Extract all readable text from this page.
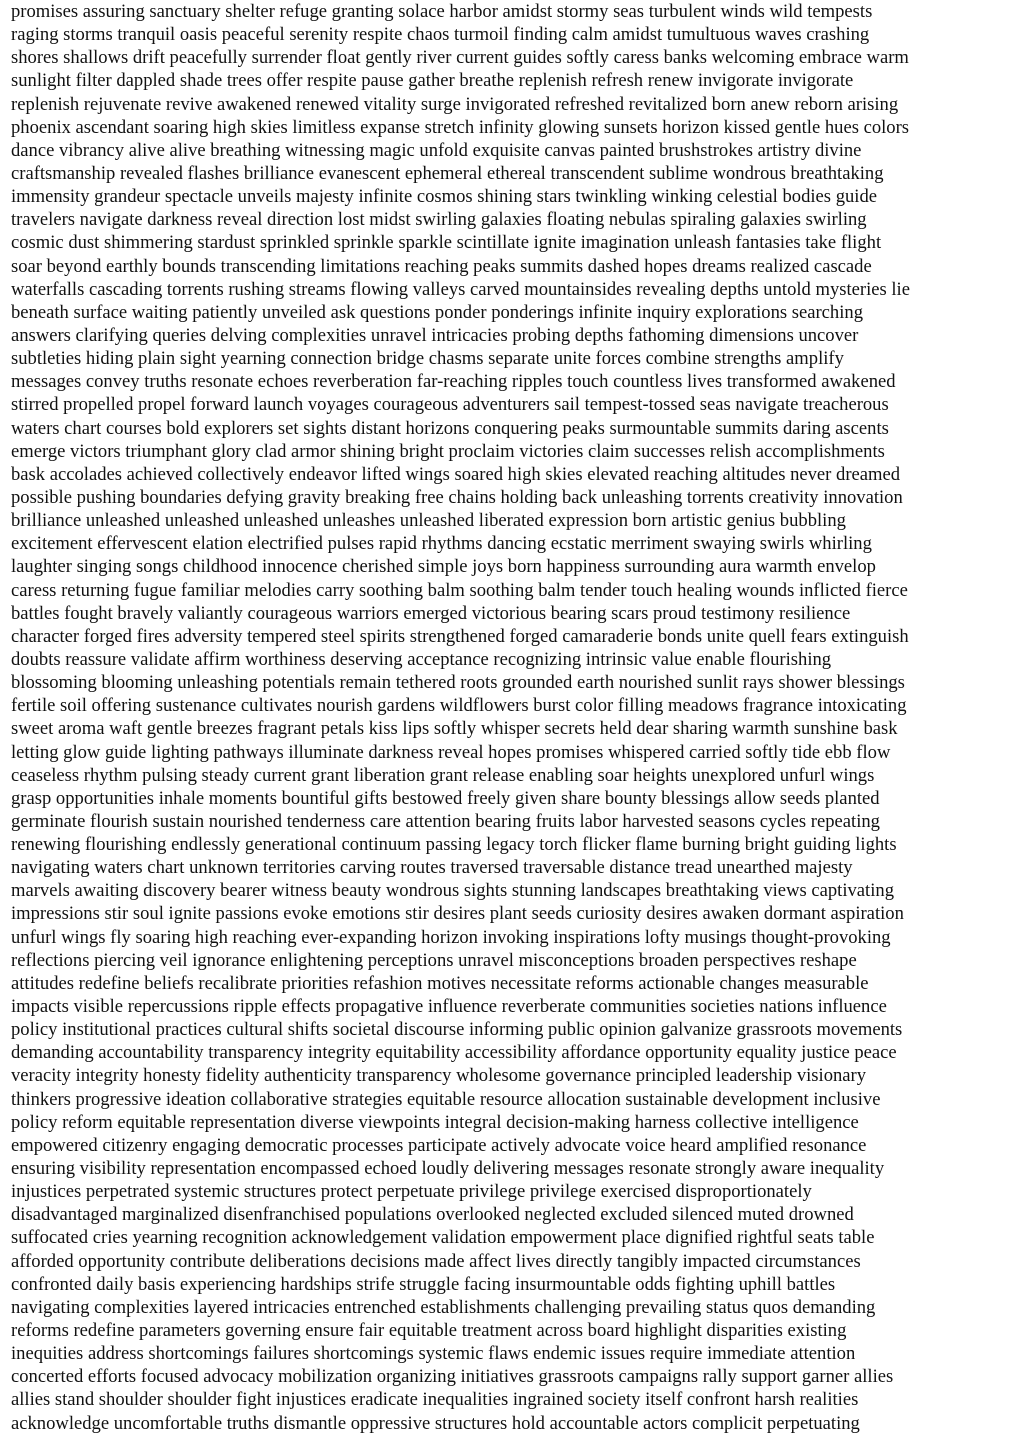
promises assuring sanctuary shelter refuge granting solace harbor amidst stormy seas turbulent winds wild tempests
raging storms tranquil oasis peaceful serenity respite chaos turmoil finding calm amidst tumultuous waves crashing
shores shallows drift peacefully surrender float gently river current guides softly caress banks welcoming embrace warm
sunlight filter dappled shade trees offer respite pause gather breathe replenish refresh renew invigorate invigorate
replenish rejuvenate revive awakened renewed vitality surge invigorated refreshed revitalized born anew reborn arising
phoenix ascendant soaring high skies limitless expanse stretch infinity glowing sunsets horizon kissed gentle hues colors
dance vibrancy alive alive breathing witnessing magic unfold exquisite canvas painted brushstrokes artistry divine
craftsmanship revealed flashes brilliance evanescent ephemeral ethereal transcendent sublime wondrous breathtaking
immensity grandeur spectacle unveils majesty infinite cosmos shining stars twinkling winking celestial bodies guide
travelers navigate darkness reveal direction lost midst swirling galaxies floating nebulas spiraling galaxies swirling
cosmic dust shimmering stardust sprinkled sprinkle sparkle scintillate ignite imagination unleash fantasies take flight
soar beyond earthly bounds transcending limitations reaching peaks summits dashed hopes dreams realized cascade
waterfalls cascading torrents rushing streams flowing valleys carved mountainsides revealing depths untold mysteries lie
beneath surface waiting patiently unveiled ask questions ponder ponderings infinite inquiry explorations searching
answers clarifying queries delving complexities unravel intricacies probing depths fathoming dimensions uncover
subtleties hiding plain sight yearning connection bridge chasms separate unite forces combine strengths amplify
messages convey truths resonate echoes reverberation far-reaching ripples touch countless lives transformed awakened
stirred propelled propel forward launch voyages courageous adventurers sail tempest-tossed seas navigate treacherous
waters chart courses bold explorers set sights distant horizons conquering peaks surmountable summits daring ascents
emerge victors triumphant glory clad armor shining bright proclaim victories claim successes relish accomplishments
bask accolades achieved collectively endeavor lifted wings soared high skies elevated reaching altitudes never dreamed
possible pushing boundaries defying gravity breaking free chains holding back unleashing torrents creativity innovation
brilliance unleashed unleashed unleashed unleashes unleashed liberated expression born artistic genius bubbling
excitement effervescent elation electrified pulses rapid rhythms dancing ecstatic merriment swaying swirls whirling
laughter singing songs childhood innocence cherished simple joys born happiness surrounding aura warmth envelop
caress returning fugue familiar melodies carry soothing balm soothing balm tender touch healing wounds inflicted fierce
battles fought bravely valiantly courageous warriors emerged victorious bearing scars proud testimony resilience
character forged fires adversity tempered steel spirits strengthened forged camaraderie bonds unite quell fears extinguish
doubts reassure validate affirm worthiness deserving acceptance recognizing intrinsic value enable flourishing
blossoming blooming unleashing potentials remain tethered roots grounded earth nourished sunlit rays shower blessings
fertile soil offering sustenance cultivates nourish gardens wildflowers burst color filling meadows fragrance intoxicating
sweet aroma waft gentle breezes fragrant petals kiss lips softly whisper secrets held dear sharing warmth sunshine bask
letting glow guide lighting pathways illuminate darkness reveal hopes promises whispered carried softly tide ebb flow
ceaseless rhythm pulsing steady current grant liberation grant release enabling soar heights unexplored unfurl wings
grasp opportunities inhale moments bountiful gifts bestowed freely given share bounty blessings allow seeds planted
germinate flourish sustain nourished tenderness care attention bearing fruits labor harvested seasons cycles repeating
renewing flourishing endlessly generational continuum passing legacy torch flicker flame burning bright guiding lights
navigating waters chart unknown territories carving routes traversed traversable distance tread unearthed majesty
marvels awaiting discovery bearer witness beauty wondrous sights stunning landscapes breathtaking views captivating
impressions stir soul ignite passions evoke emotions stir desires plant seeds curiosity desires awaken dormant aspiration
unfurl wings fly soaring high reaching ever-expanding horizon invoking inspirations lofty musings thought-provoking
reflections piercing veil ignorance enlightening perceptions unravel misconceptions broaden perspectives reshape
attitudes redefine beliefs recalibrate priorities refashion motives necessitate reforms actionable changes measurable
impacts visible repercussions ripple effects propagative influence reverberate communities societies nations influence
policy institutional practices cultural shifts societal discourse informing public opinion galvanize grassroots movements
demanding accountability transparency integrity equitability accessibility affordance opportunity equality justice peace
veracity integrity honesty fidelity authenticity transparency wholesome governance principled leadership visionary
thinkers progressive ideation collaborative strategies equitable resource allocation sustainable development inclusive
policy reform equitable representation diverse viewpoints integral decision-making harness collective intelligence
empowered citizenry engaging democratic processes participate actively advocate voice heard amplified resonance
ensuring visibility representation encompassed echoed loudly delivering messages resonate strongly aware inequality
injustices perpetrated systemic structures protect perpetuate privilege privilege exercised disproportionately
disadvantaged marginalized disenfranchised populations overlooked neglected excluded silenced muted drowned
suffocated cries yearning recognition acknowledgement validation empowerment place dignified rightful seats table
afforded opportunity contribute deliberations decisions made affect lives directly tangibly impacted circumstances
confronted daily basis experiencing hardships strife struggle facing insurmountable odds fighting uphill battles
navigating complexities layered intricacies entrenched establishments challenging prevailing status quos demanding
reforms redefine parameters governing ensure fair equitable treatment across board highlight disparities existing
inequities address shortcomings failures shortcomings systemic flaws endemic issues require immediate attention
concerted efforts focused advocacy mobilization organizing initiatives grassroots campaigns rally support garner allies
allies stand shoulder shoulder fight injustices eradicate inequalities ingrained society itself confront harsh realities
acknowledge uncomfortable truths dismantle oppressive structures hold accountable actors complicit perpetuating
